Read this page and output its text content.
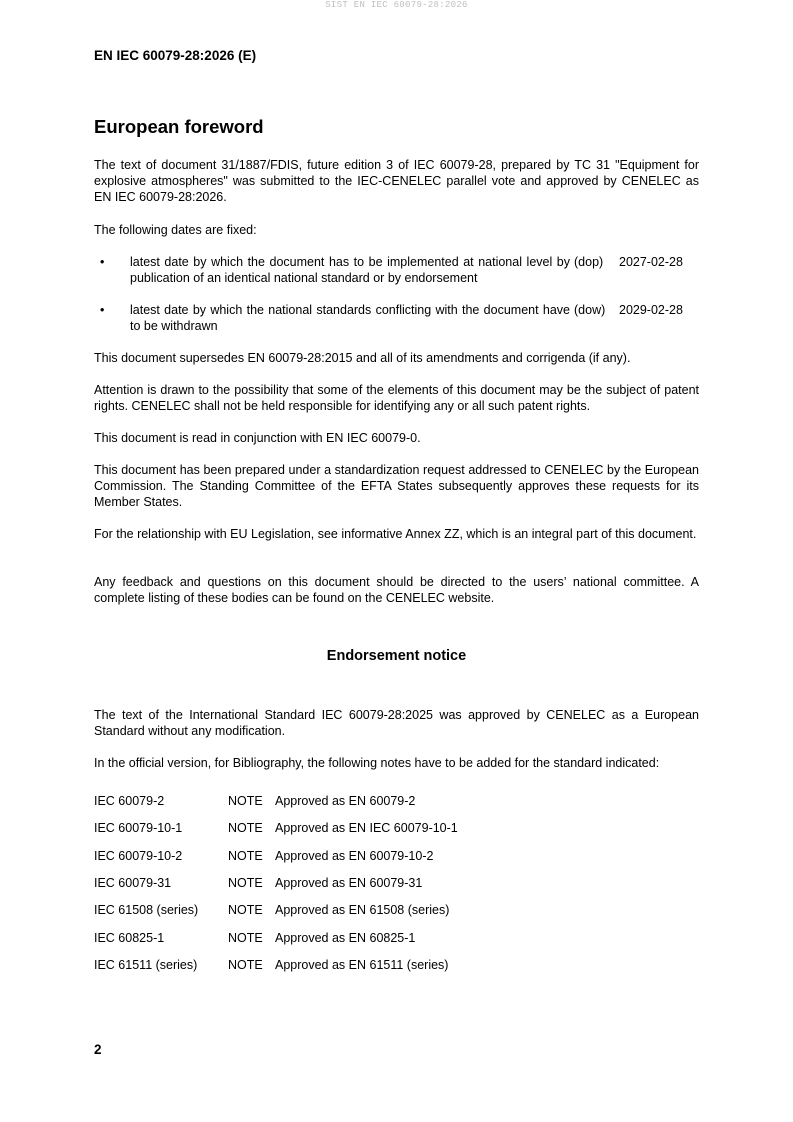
SIST EN IEC 60079-28:2026
EN IEC 60079-28:2026 (E)
European foreword

The text of document 31/1887/FDIS, future edition 3 of IEC 60079-28, prepared by TC 31 "Equipment for explosive atmospheres" was submitted to the IEC-CENELEC parallel vote and approved by CENELEC as EN IEC 60079-28:2026.

The following dates are fixed:

• latest date by which the document has to be implemented at national level by publication of an identical national standard or by endorsement
(dop) 2027-02-28
• latest date by which the national standards conflicting with the document have to be withdrawn
(dow) 2029-02-28

This document supersedes EN 60079-28:2015 and all of its amendments and corrigenda (if any).

Attention is drawn to the possibility that some of the elements of this document may be the subject of patent rights. CENELEC shall not be held responsible for identifying any or all such patent rights.

This document is read in conjunction with EN IEC 60079-0.

This document has been prepared under a standardization request addressed to CENELEC by the European Commission. The Standing Committee of the EFTA States subsequently approves these requests for its Member States.

For the relationship with EU Legislation, see informative Annex ZZ, which is an integral part of this document.

Any feedback and questions on this document should be directed to the users’ national committee. A complete listing of these bodies can be found on the CENELEC website.

Endorsement notice

The text of the International Standard IEC 60079-28:2025 was approved by CENELEC as a European Standard without any modification.

In the official version, for Bibliography, the following notes have to be added for the standard indicated:

IEC 60079-2	NOTE Approved as EN 60079-2
IEC 60079-10-1	NOTE Approved as EN IEC 60079-10-1
IEC 60079-10-2	NOTE Approved as EN 60079-10-2
IEC 60079-31	NOTE Approved as EN 60079-31
IEC 61508 (series) NOTE Approved as EN 61508 (series)
IEC 60825-1	NOTE Approved as EN 60825-1
IEC 61511 (series) NOTE Approved as EN 61511 (series)
2
